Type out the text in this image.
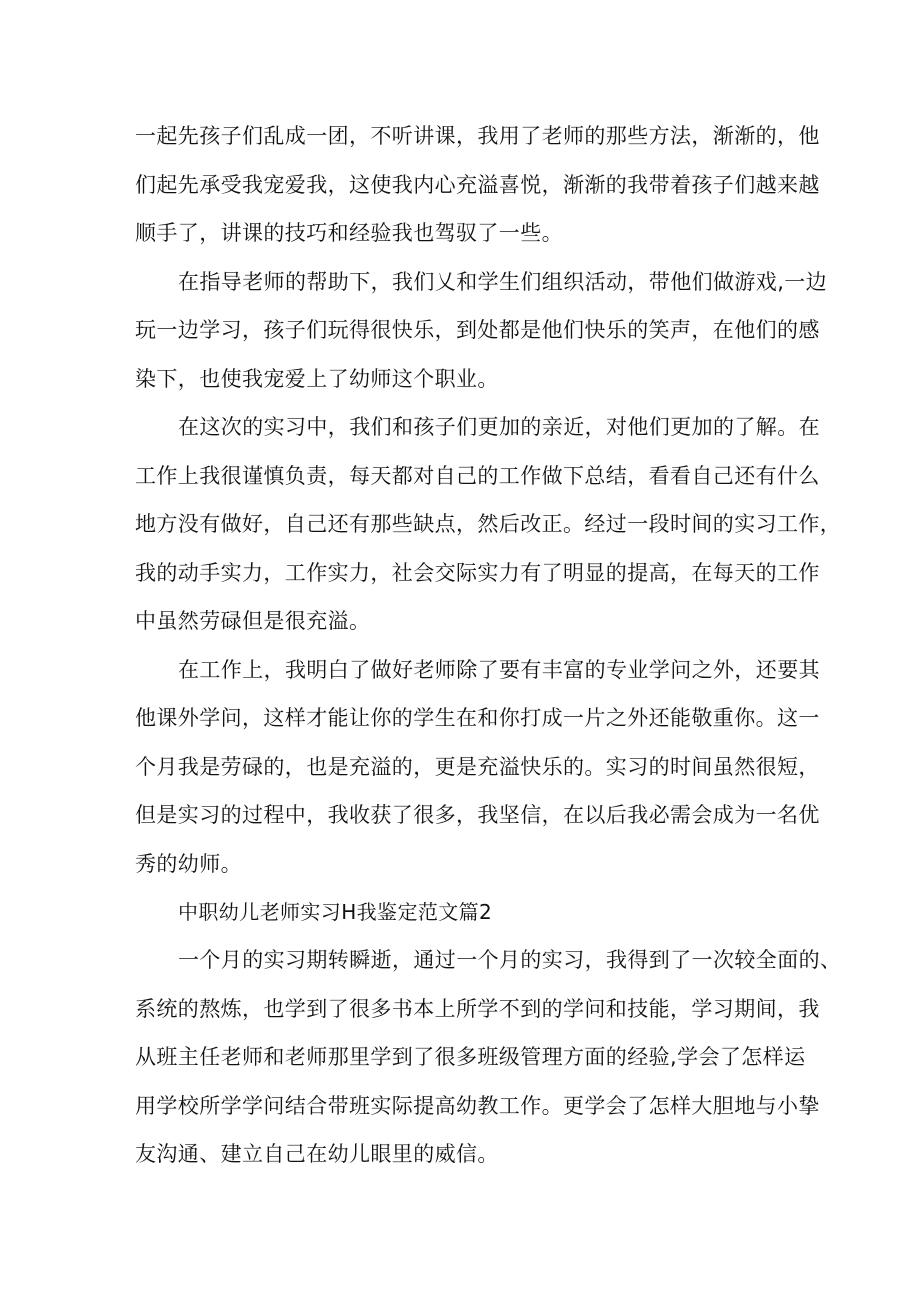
一起先孩子们乱成一团，不听讲课，我用了老师的那些方法，渐渐的，他

们起先承受我宠爱我，这使我内心充溢喜悦，渐渐的我带着孩子们越来越

顺手了，讲课的技巧和经验我也驾驭了一些。

在指导老师的帮助下，我们乂和学生们组织活动，带他们做游戏,一边

玩一边学习，孩子们玩得很快乐，到处都是他们快乐的笑声，在他们的感

染下，也使我宠爱上了幼师这个职业。

在这次的实习中，我们和孩子们更加的亲近，对他们更加的了解。在

工作上我很谨慎负责，每天都对自己的工作做下总结，看看自己还有什么

地方没有做好，自己还有那些缺点，然后改正。经过一段时间的实习工作，

我的动手实力，工作实力，社会交际实力有了明显的提高，在每天的工作

中虽然劳碌但是很充溢。

在工作上，我明白了做好老师除了要有丰富的专业学问之外，还要其

他课外学问，这样才能让你的学生在和你打成一片之外还能敬重你。这一

个月我是劳碌的，也是充溢的，更是充溢快乐的。实习的时间虽然很短，

但是实习的过程中，我收获了很多，我坚信，在以后我必需会成为一名优

秀的幼师。

中职幼儿老师实习H我鉴定范文篇2

一个月的实习期转瞬逝，通过一个月的实习，我得到了一次较全面的、

系统的熬炼，也学到了很多书本上所学不到的学问和技能，学习期间，我

从班主任老师和老师那里学到了很多班级管理方面的经验,学会了怎样运

用学校所学学问结合带班实际提高幼教工作。更学会了怎样大胆地与小挚

友沟通、建立自己在幼儿眼里的威信。
